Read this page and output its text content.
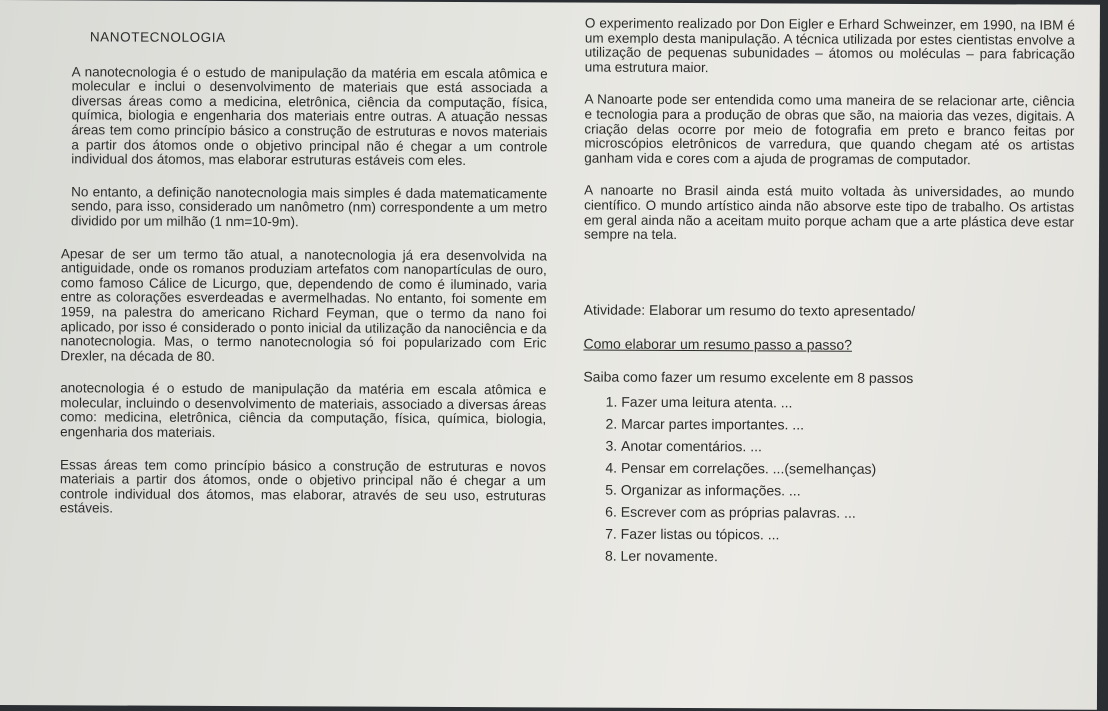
NANOTECNOLOGIA

A nanotecnologia é o estudo de manipulação da matéria em escala atômica e molecular e inclui o desenvolvimento de materiais que está associada a diversas áreas como a medicina, eletrônica, ciência da computação, física, química, biologia e engenharia dos materiais entre outras. A atuação nessas áreas tem como princípio básico a construção de estruturas e novos materiais a partir dos átomos onde o objetivo principal não é chegar a um controle individual dos átomos, mas elaborar estruturas estáveis com eles.

No entanto, a definição nanotecnologia mais simples é dada matematicamente sendo, para isso, considerado um nanômetro (nm) correspondente a um metro dividido por um milhão (1 nm=10-9m).

Apesar de ser um termo tão atual, a nanotecnologia já era desenvolvida na antiguidade, onde os romanos produziam artefatos com nanopartículas de ouro, como famoso Cálice de Licurgo, que, dependendo de como é iluminado, varia entre as colorações esverdeadas e avermelhadas. No entanto, foi somente em 1959, na palestra do americano Richard Feyman, que o termo da nano foi aplicado, por isso é considerado o ponto inicial da utilização da nanociência e da nanotecnologia. Mas, o termo nanotecnologia só foi popularizado com Eric Drexler, na década de 80.

anotecnologia é o estudo de manipulação da matéria em escala atômica e molecular, incluindo o desenvolvimento de materiais, associado a diversas áreas como: medicina, eletrônica, ciência da computação, física, química, biologia, engenharia dos materiais.

Essas áreas tem como princípio básico a construção de estruturas e novos materiais a partir dos átomos, onde o objetivo principal não é chegar a um controle individual dos átomos, mas elaborar, através de seu uso, estruturas estáveis.

O experimento realizado por Don Eigler e Erhard Schweinzer, em 1990, na IBM é um exemplo desta manipulação. A técnica utilizada por estes cientistas envolve a utilização de pequenas subunidades – átomos ou moléculas – para fabricação uma estrutura maior.

A Nanoarte pode ser entendida como uma maneira de se relacionar arte, ciência e tecnologia para a produção de obras que são, na maioria das vezes, digitais. A criação delas ocorre por meio de fotografia em preto e branco feitas por microscópios eletrônicos de varredura, que quando chegam até os artistas ganham vida e cores com a ajuda de programas de computador.

A nanoarte no Brasil ainda está muito voltada às universidades, ao mundo científico. O mundo artístico ainda não absorve este tipo de trabalho. Os artistas em geral ainda não a aceitam muito porque acham que a arte plástica deve estar sempre na tela.

Atividade: Elaborar um resumo do texto apresentado/

Como elaborar um resumo passo a passo?

Saiba como fazer um resumo excelente em 8 passos

1. Fazer uma leitura atenta. ...
2. Marcar partes importantes. ...
3. Anotar comentários. ...
4. Pensar em correlações. ...(semelhanças)
5. Organizar as informações. ...
6. Escrever com as próprias palavras. ...
7. Fazer listas ou tópicos. ...
8. Ler novamente.
